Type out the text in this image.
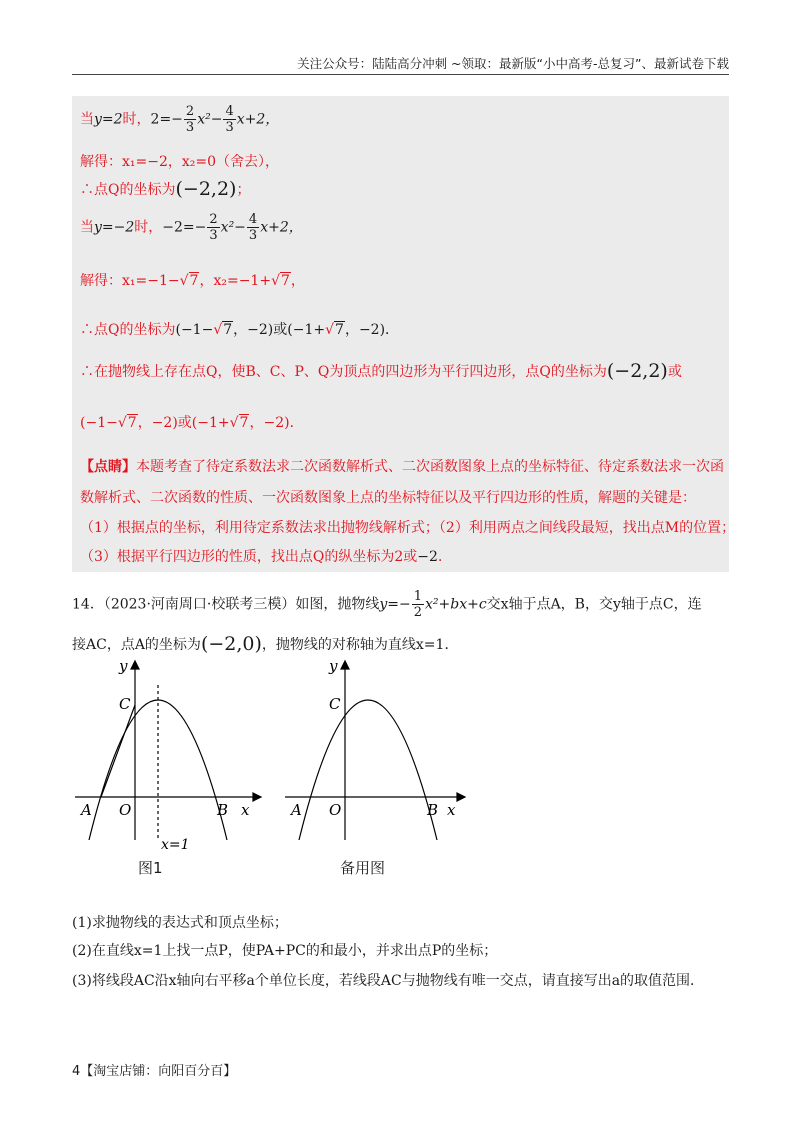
关注公众号：陆陆高分冲刺 ~领取：最新版“小中高考-总复习”、最新试卷下载
当y=2时，$2=- \frac{2}{3} x^2- \frac{4}{3} x+2$，
解得：x₁=−2，x₂=0（舍去），
∴点Q的坐标为(−2,2)；
当y=−2时，$-2=- \frac{2}{3} x^2- \frac{4}{3} x+2$，
解得：x₁=−1−√7，x₂=−1+√7，
∴点Q的坐标为(−1−√7，−2)或(−1+√7，−2)．
∴在抛物线上存在点Q，使B、C、P、Q为顶点的四边形为平行四边形，点Q的坐标为(−2,2)或
(−1−√7，−2)或(−1+√7，−2)．
【点睛】本题考查了待定系数法求二次函数解析式、二次函数图象上点的坐标特征、待定系数法求一次函
数解析式、二次函数的性质、一次函数图象上点的坐标特征以及平行四边形的性质，解题的关键是：
（1）根据点的坐标，利用待定系数法求出抛物线解析式；（2）利用两点之间线段最短，找出点M的位置；
（3）根据平行四边形的性质，找出点Q的纵坐标为2或−2．
14．（2023·河南周口·校联考三模）如图，抛物线$y=- \frac{1}{2} x^2+bx+c$交x轴于点A，B，交y轴于点C，连
接AC，点A的坐标为(−2,0)，抛物线的对称轴为直线x=1．
y
x
C
A O	B
x=1
图1
y
x
C
A O	B
备用图
(1)求抛物线的表达式和顶点坐标；
(2)在直线x=1上找一点P，使PA+PC的和最小，并求出点P的坐标；
(3)将线段AC沿x轴向右平移a个单位长度，若线段AC与抛物线有唯一交点，请直接写出a的取值范围．
4【淘宝店铺：向阳百分百】
